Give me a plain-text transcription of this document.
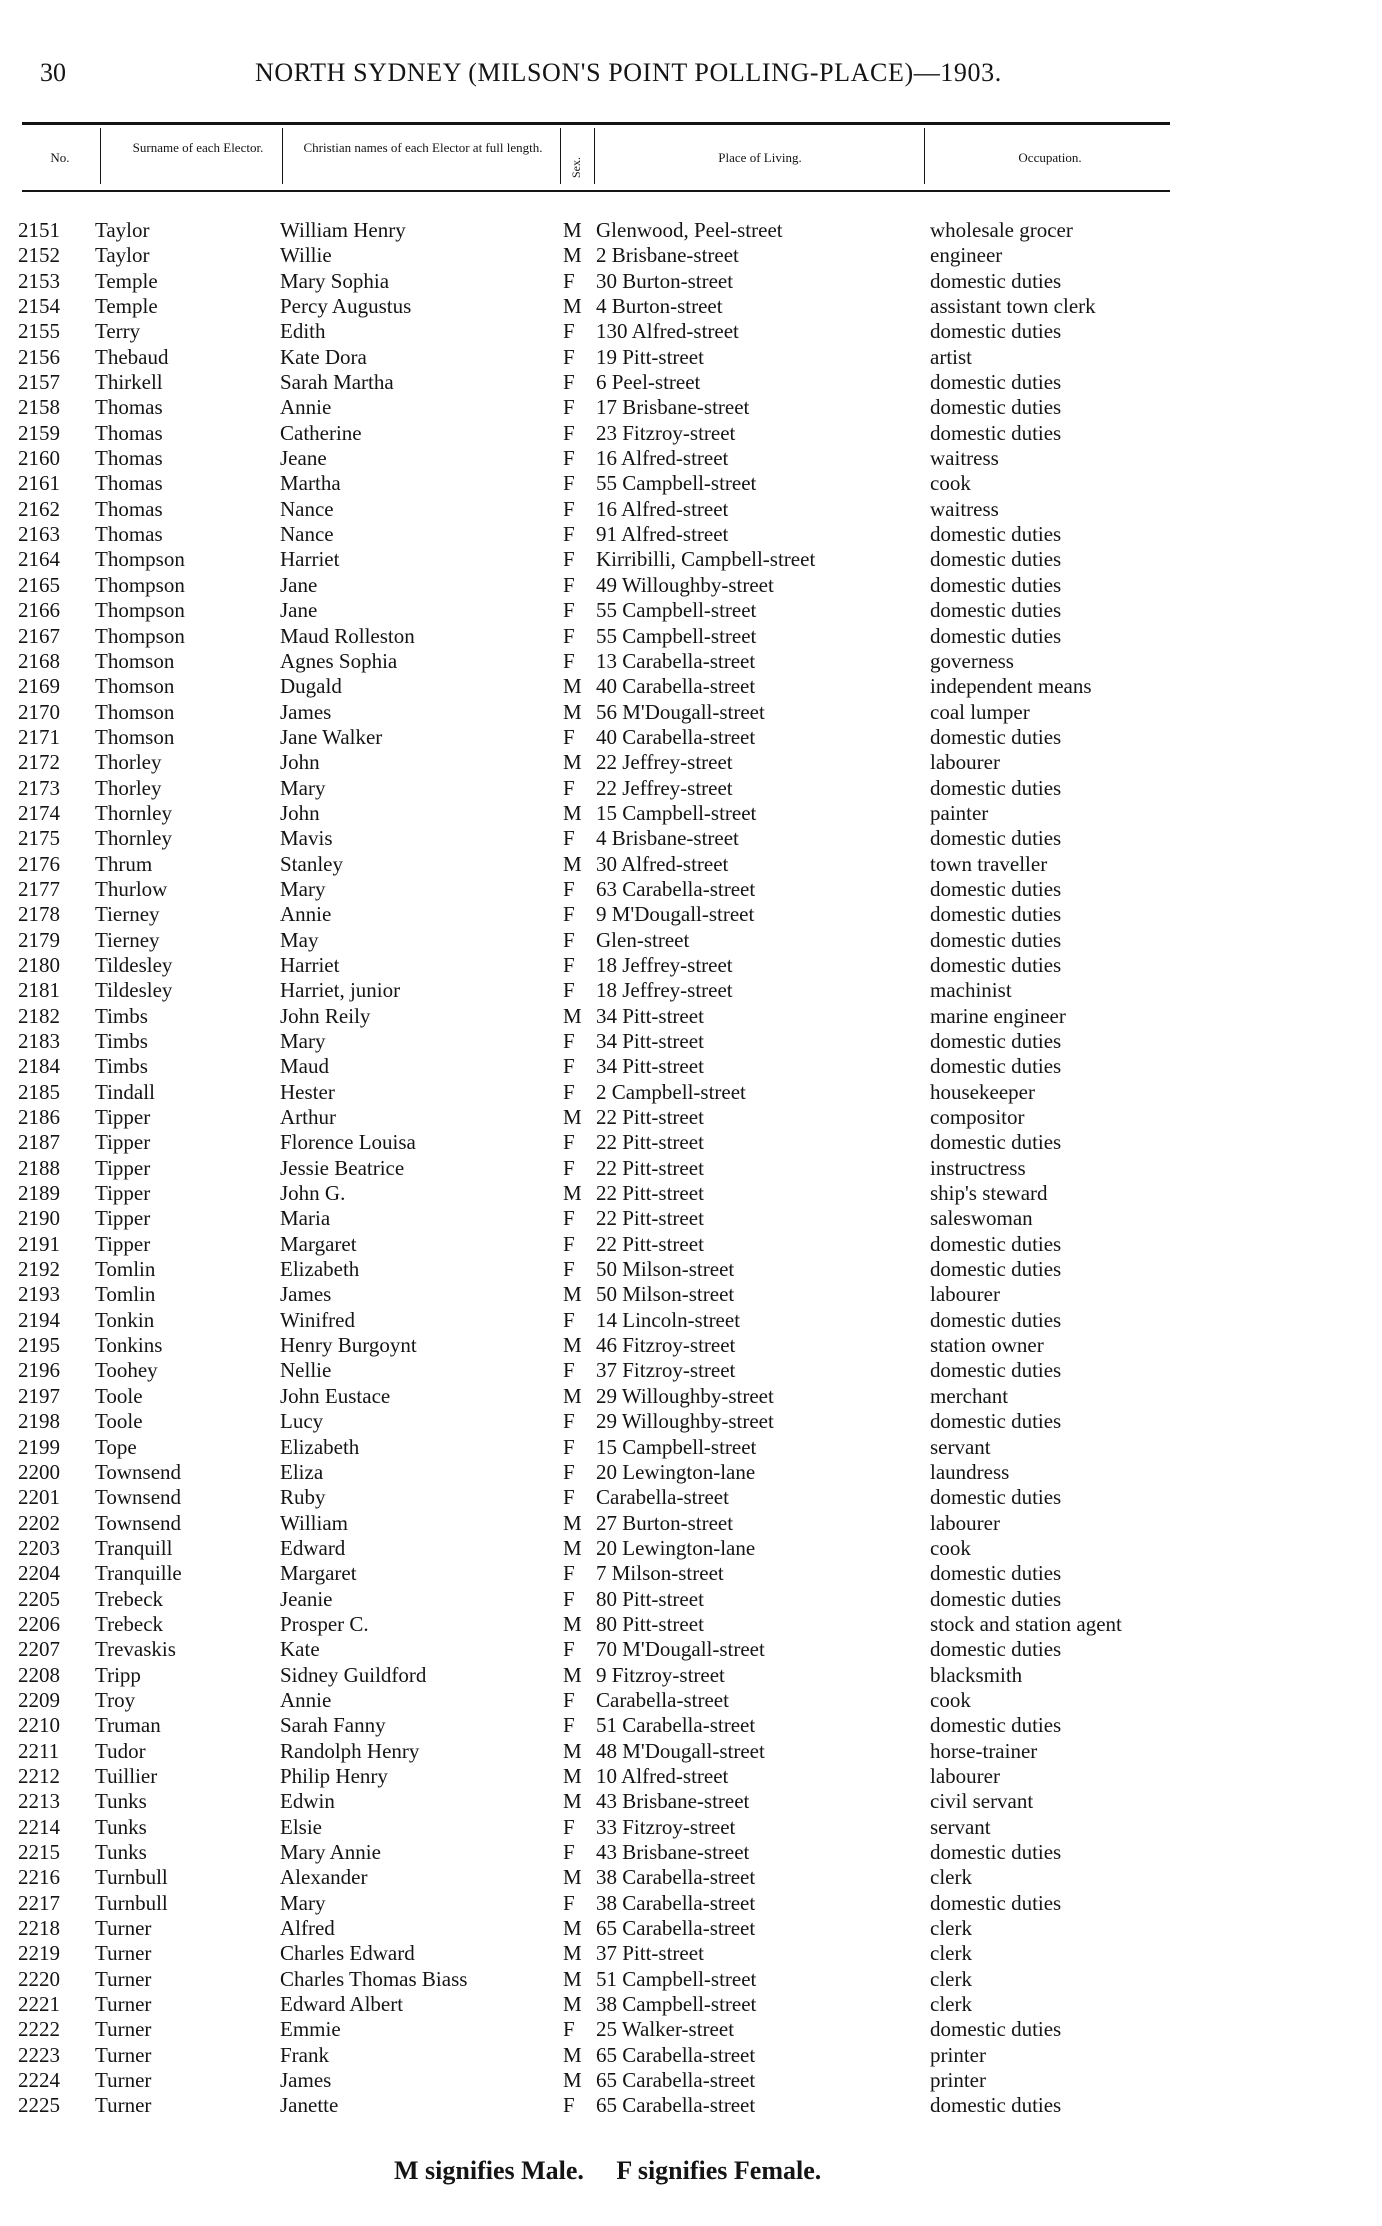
30	NORTH SYDNEY (MILSON'S POINT POLLING-PLACE)—1903.
No.
Surname of each Elector.	Christian names of each Elector at full length.
Sex.	Place of Living.	Occupation.
2151 Taylor	William Henry	M Glenwood, Peel-street	wholesale grocer
2152 Taylor	Willie	M 2 Brisbane-street	engineer
2153 Temple	Mary Sophia	F 30 Burton-street	domestic duties
2154 Temple	Percy Augustus	M 4 Burton-street	assistant town clerk
2155 Terry	Edith	F 130 Alfred-street	domestic duties
2156 Thebaud	Kate Dora	F 19 Pitt-street	artist
2157 Thirkell	Sarah Martha	F 6 Peel-street	domestic duties
2158 Thomas	Annie	F 17 Brisbane-street	domestic duties
2159 Thomas	Catherine	F 23 Fitzroy-street	domestic duties
2160 Thomas	Jeane	F 16 Alfred-street	waitress
2161 Thomas	Martha	F 55 Campbell-street	cook
2162 Thomas	Nance	F 16 Alfred-street	waitress
2163 Thomas	Nance	F 91 Alfred-street	domestic duties
2164 Thompson	Harriet	F Kirribilli, Campbell-street	domestic duties
2165 Thompson	Jane	F 49 Willoughby-street	domestic duties
2166 Thompson	Jane	F 55 Campbell-street	domestic duties
2167 Thompson	Maud Rolleston	F 55 Campbell-street	domestic duties
2168 Thomson	Agnes Sophia	F 13 Carabella-street	governess
2169 Thomson	Dugald	M 40 Carabella-street	independent means
2170 Thomson	James	M 56 M'Dougall-street	coal lumper
2171 Thomson	Jane Walker	F 40 Carabella-street	domestic duties
2172 Thorley	John	M 22 Jeffrey-street	labourer
2173 Thorley	Mary	F 22 Jeffrey-street	domestic duties
2174 Thornley	John	M 15 Campbell-street	painter
2175 Thornley	Mavis	F 4 Brisbane-street	domestic duties
2176 Thrum	Stanley	M 30 Alfred-street	town traveller
2177 Thurlow	Mary	F 63 Carabella-street	domestic duties
2178 Tierney	Annie	F 9 M'Dougall-street	domestic duties
2179 Tierney	May	F Glen-street	domestic duties
2180 Tildesley	Harriet	F 18 Jeffrey-street	domestic duties
2181 Tildesley	Harriet, junior	F 18 Jeffrey-street	machinist
2182 Timbs	John Reily	M 34 Pitt-street	marine engineer
2183 Timbs	Mary	F 34 Pitt-street	domestic duties
2184 Timbs	Maud	F 34 Pitt-street	domestic duties
2185 Tindall	Hester	F 2 Campbell-street	housekeeper
2186 Tipper	Arthur	M 22 Pitt-street	compositor
2187 Tipper	Florence Louisa	F 22 Pitt-street	domestic duties
2188 Tipper	Jessie Beatrice	F 22 Pitt-street	instructress
2189 Tipper	John G.	M 22 Pitt-street	ship's steward
2190 Tipper	Maria	F 22 Pitt-street	saleswoman
2191 Tipper	Margaret	F 22 Pitt-street	domestic duties
2192 Tomlin	Elizabeth	F 50 Milson-street	domestic duties
2193 Tomlin	James	M 50 Milson-street	labourer
2194 Tonkin	Winifred	F 14 Lincoln-street	domestic duties
2195 Tonkins	Henry Burgoynt	M 46 Fitzroy-street	station owner
2196 Toohey	Nellie	F 37 Fitzroy-street	domestic duties
2197 Toole	John Eustace	M 29 Willoughby-street	merchant
2198 Toole	Lucy	F 29 Willoughby-street	domestic duties
2199 Tope	Elizabeth	F 15 Campbell-street	servant
2200 Townsend	Eliza	F 20 Lewington-lane	laundress
2201 Townsend	Ruby	F Carabella-street	domestic duties
2202 Townsend	William	M 27 Burton-street	labourer
2203 Tranquill	Edward	M 20 Lewington-lane	cook
2204 Tranquille	Margaret	F 7 Milson-street	domestic duties
2205 Trebeck	Jeanie	F 80 Pitt-street	domestic duties
2206 Trebeck	Prosper C.	M 80 Pitt-street	stock and station agent
2207 Trevaskis	Kate	F 70 M'Dougall-street	domestic duties
2208 Tripp	Sidney Guildford	M 9 Fitzroy-street	blacksmith
2209 Troy	Annie	F Carabella-street	cook
2210 Truman	Sarah Fanny	F 51 Carabella-street	domestic duties
2211 Tudor	Randolph Henry	M 48 M'Dougall-street	horse-trainer
2212 Tuillier	Philip Henry	M 10 Alfred-street	labourer
2213 Tunks	Edwin	M 43 Brisbane-street	civil servant
2214 Tunks	Elsie	F 33 Fitzroy-street	servant
2215 Tunks	Mary Annie	F 43 Brisbane-street	domestic duties
2216 Turnbull	Alexander	M 38 Carabella-street	clerk
2217 Turnbull	Mary	F 38 Carabella-street	domestic duties
2218 Turner	Alfred	M 65 Carabella-street	clerk
2219 Turner	Charles Edward	M 37 Pitt-street	clerk
2220 Turner	Charles Thomas Biass	M 51 Campbell-street	clerk
2221 Turner	Edward Albert	M 38 Campbell-street	clerk
2222 Turner	Emmie	F 25 Walker-street	domestic duties
2223 Turner	Frank	M 65 Carabella-street	printer
2224 Turner	James	M 65 Carabella-street	printer
2225 Turner	Janette	F 65 Carabella-street	domestic duties
M signifies Male. F signifies Female.
